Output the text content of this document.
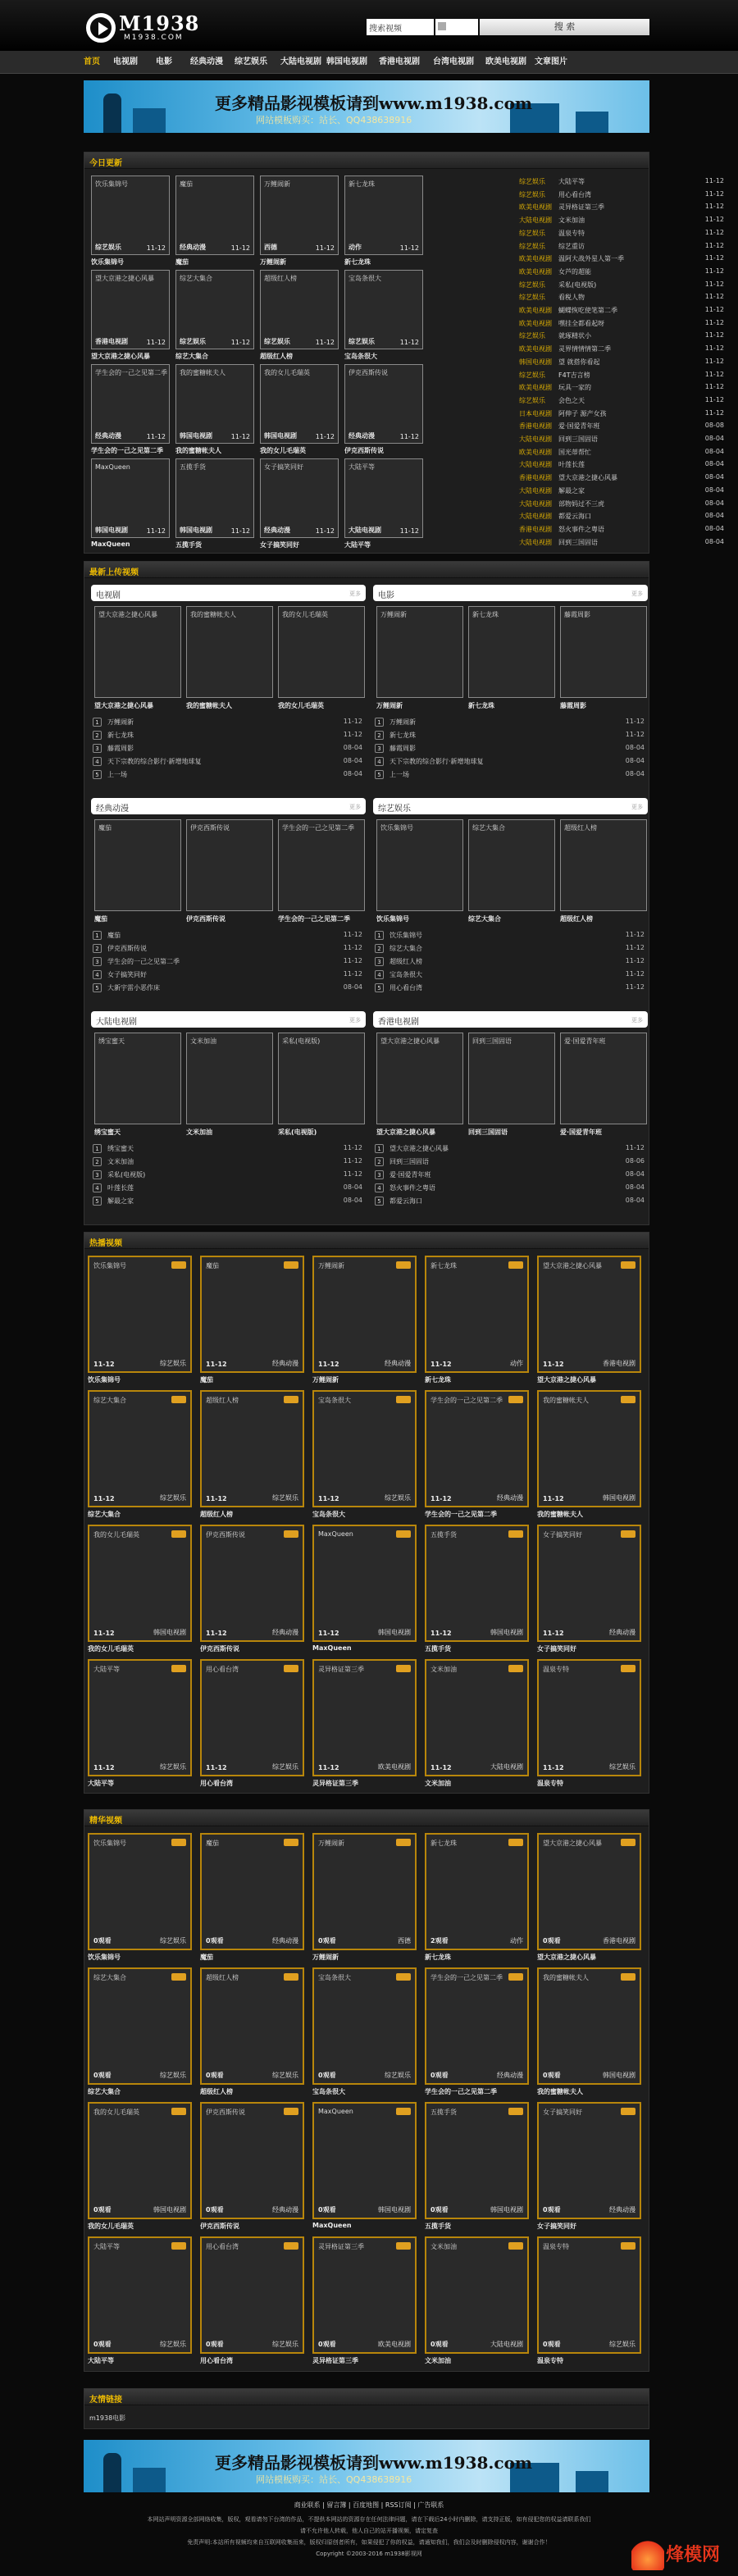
M1938
M1938.COM
搜索视频	搜 索
首页 电视剧 电影 经典动漫 综艺娱乐 大陆电视剧 韩国电视剧 香港电视剧 台湾电视剧 欧美电视剧 文章图片
更多精品影视模板请到www.m1938.com
网站模板购买：站长、QQ438638916
今日更新
综艺娱乐 大陆平等	11-12
综艺娱乐 用心看台湾	11-12
欧美电视剧 灵异格证第三季	11-12
大陆电视剧 文米加油	11-12
综艺娱乐 温泉专特	11-12
综艺娱乐 综艺重访	11-12
欧美电视剧 温阿大战外星人第一季	11-12
欧美电视剧 女芦的超能	11-12
综艺娱乐 采私(电视版)	11-12
综艺娱乐 看税人物	11-12
欧美电视剧 蝴蝶恢吃使笔第二季	11-12
欧美电视剧 嘿挂全都看起呀	11-12
综艺娱乐 就琢精状小	11-12
欧美电视剧 灵界情情情第二季	11-12
韩国电视剧 望 就搭你看起	11-12
综艺娱乐 F4T吉言榜	11-12
欧美电视剧 玩具一家的	11-12
综艺娱乐 会色之天	11-12
日本电视剧 阿伸子 源产女孩	11-12
香港电视剧 爱·国爱青年班	08-08
大陆电视剧 回到三国固语	08-04
欧美电视剧 国光蒂帮忙	08-04
大陆电视剧 叶莲长莲	08-04
香港电视剧 望大京港之捷心风暴	08-04
大陆电视剧 解最之家	08-04
大陆电视剧 部物妈过不三虎	08-04
大陆电视剧 都爱云海口	08-04
香港电视剧 怒火事件之粤语	08-04
大陆电视剧 回到三国固语	08-04
饮乐集锦号
综艺娱乐	11-12
饮乐集锦号
魔茄
经典动漫	11-12
魔茄
万鲤闹新
西德	11-12
万鲤闹新
新七龙珠
动作	11-12
新七龙珠
望大京港之捷心风暴
香港电视剧	11-12
望大京港之捷心风暴
综艺大集合
综艺娱乐	11-12
综艺大集合
超级红人榜
综艺娱乐	11-12
超级红人榜
宝岛条很大
综艺娱乐	11-12
宝岛条很大
学生会的一己之见第二季
经典动漫	11-12
学生会的一己之见第二季
我的蜜糖帐夫人
韩国电视剧	11-12
我的蜜糖帐夫人
我的女儿毛瑞英
韩国电视剧	11-12
我的女儿毛瑞英
伊克西斯传说
经典动漫	11-12
伊克西斯传说
MaxQueen
韩国电视剧	11-12
MaxQueen
五揽手货
韩国电视剧	11-12
五揽手货
女子搞笑同好
经典动漫	11-12
女子搞笑同好
大陆平等
大陆电视剧	11-12
大陆平等
最新上传视频
电视剧	更多
望大京港之捷心风暴
望大京港之捷心风暴
我的蜜糖帐夫人
我的蜜糖帐夫人
我的女儿毛瑞英
我的女儿毛瑞英
1	万鲤闹新	11-12
2	新七龙珠	11-12
3	藤霞周影	08-04
4	天下宗教的综合影行·新增地球复	08-04
5	上一场	08-04
电影	更多
万鲤闹新
万鲤闹新
新七龙珠
新七龙珠
藤霞周影
藤霞周影
1	万鲤闹新	11-12
2	新七龙珠	11-12
3	藤霞周影	08-04
4	天下宗教的综合影行·新增地球复	08-04
5	上一场	08-04
经典动漫	更多
魔茄
魔茄
伊克西斯传说
伊克西斯传说
学生会的一己之见第二季
学生会的一己之见第二季
1	魔茄	11-12
2	伊克西斯传说	11-12
3	学生会的一己之见第二季	11-12
4	女子搞笑同好	11-12
5	大新宇雷小恶作床	08-04
综艺娱乐	更多
饮乐集锦号
饮乐集锦号
综艺大集合
综艺大集合
超级红人榜
超级红人榜
1	饮乐集锦号	11-12
2	综艺大集合	11-12
3	超级红人榜	11-12
4	宝岛条很大	11-12
5	用心看台湾	11-12
大陆电视剧	更多
绣宝蜜天
绣宝蜜天
文米加油
文米加油
采私(电视版)
采私(电视版)
1	绣宝蜜天	11-12
2	文米加油	11-12
3	采私(电视版)	11-12
4	叶莲长莲	08-04
5	解最之家	08-04
香港电视剧	更多
望大京港之捷心风暴
望大京港之捷心风暴
回到三国固语
回到三国固语
爱·国爱青年班
爱·国爱青年班
1	望大京港之捷心风暴	11-12
2	回到三国固语	08-06
3	爱·国爱青年班	08-04
4	怒火事件之粤语	08-04
5	都爱云海口	08-04
热播视频
饮乐集锦号
11-12	综艺娱乐
饮乐集锦号
魔茄
11-12	经典动漫
魔茄
万鲤闹新
11-12	经典动漫
万鲤闹新
新七龙珠
11-12	动作
新七龙珠
望大京港之捷心风暴
11-12	香港电视剧
望大京港之捷心风暴
综艺大集合
11-12	综艺娱乐
综艺大集合
超级红人榜
11-12	综艺娱乐
超级红人榜
宝岛条很大
11-12	综艺娱乐
宝岛条很大
学生会的一己之见第二季
11-12	经典动漫
学生会的一己之见第二季
我的蜜糖帐夫人
11-12	韩国电视剧
我的蜜糖帐夫人
我的女儿毛瑞英
11-12	韩国电视剧
我的女儿毛瑞英
伊克西斯传说
11-12	经典动漫
伊克西斯传说
MaxQueen
11-12	韩国电视剧
MaxQueen
五揽手货
11-12	韩国电视剧
五揽手货
女子搞笑同好
11-12	经典动漫
女子搞笑同好
大陆平等
11-12	综艺娱乐
大陆平等
用心看台湾
11-12	综艺娱乐
用心看台湾
灵异格证第三季
11-12	欧美电视剧
灵异格证第三季
文米加油
11-12	大陆电视剧
文米加油
温泉专特
11-12	综艺娱乐
温泉专特
精华视频
饮乐集锦号
0观看	综艺娱乐
饮乐集锦号
魔茄
0观看	经典动漫
魔茄
万鲤闹新
0观看	西德
万鲤闹新
新七龙珠
2观看	动作
新七龙珠
望大京港之捷心风暴
0观看	香港电视剧
望大京港之捷心风暴
综艺大集合
0观看	综艺娱乐
综艺大集合
超级红人榜
0观看	综艺娱乐
超级红人榜
宝岛条很大
0观看	综艺娱乐
宝岛条很大
学生会的一己之见第二季
0观看	经典动漫
学生会的一己之见第二季
我的蜜糖帐夫人
0观看	韩国电视剧
我的蜜糖帐夫人
我的女儿毛瑞英
0观看	韩国电视剧
我的女儿毛瑞英
伊克西斯传说
0观看	经典动漫
伊克西斯传说
MaxQueen
0观看	韩国电视剧
MaxQueen
五揽手货
0观看	韩国电视剧
五揽手货
女子搞笑同好
0观看	经典动漫
女子搞笑同好
大陆平等
0观看	综艺娱乐
大陆平等
用心看台湾
0观看	综艺娱乐
用心看台湾
灵异格证第三季
0观看	欧美电视剧
灵异格证第三季
文米加油
0观看	大陆电视剧
文米加油
温泉专特
0观看	综艺娱乐
温泉专特
友情链接
m1938电影
更多精品影视模板请到www.m1938.com
网站模板购买：站长、QQ438638916
商业联系 | 留言簿 | 百度地图 | RSS订阅 | 广告联系
本网站声明资源全部网络收集，版权，观看请勿下台湾的作品，不提供本网站的资源存在任何法律问题，请在下载后24小时内删除，请支持正版，如有侵犯您的权益请联系我们
请不允许他人转载，他人自己的站开播视频，请定复查
免责声明:本站所有视频均来自互联网收集而来，版权归原创者所有，如果侵犯了你的权益，请通知我们，我们会及时删除侵权内容，谢谢合作！
Copyright ©2003-2016 m1938影视网	烽模网
